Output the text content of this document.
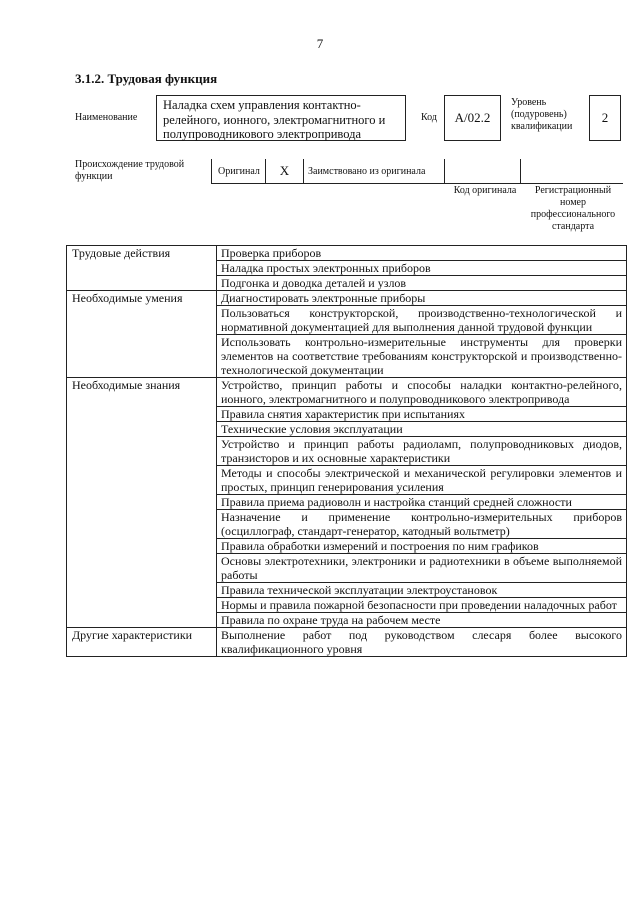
7
3.1.2. Трудовая функция
Наименование
Наладка схем управления контактно-релейного, ионного, электромагнитного и полупроводникового электропривода
Код	А/02.2
Уровень (подуровень) квалификации
2
Происхождение трудовой функции	Оригинал	X	Заимствовано из оригинала
Код оригинала	Регистрационный номер профессионального стандарта
Трудовые действия	Проверка приборов
	Наладка простых электронных приборов
	Подгонка и доводка деталей и узлов
Необходимые умения	Диагностировать электронные приборы
	Пользоваться конструкторской, производственно-технологической и нормативной документацией для выполнения данной трудовой функции
	Использовать контрольно-измерительные инструменты для проверки элементов на соответствие требованиям конструкторской и производственно-технологической документации
Необходимые знания	Устройство, принцип работы и способы наладки контактно-релейного, ионного, электромагнитного и полупроводникового электропривода
	Правила снятия характеристик при испытаниях
	Технические условия эксплуатации
	Устройство и принцип работы радиоламп, полупроводниковых диодов, транзисторов и их основные характеристики
	Методы и способы электрической и механической регулировки элементов и простых, принцип генерирования усиления
	Правила приема радиоволн и настройка станций средней сложности
	Назначение и применение контрольно-измерительных приборов (осциллограф, стандарт-генератор, катодный вольтметр)
	Правила обработки измерений и построения по ним графиков
	Основы электротехники, электроники и радиотехники в объеме выполняемой работы
	Правила технической эксплуатации электроустановок
	Нормы и правила пожарной безопасности при проведении наладочных работ
	Правила по охране труда на рабочем месте
Другие характеристики	Выполнение работ под руководством слесаря более высокого квалификационного уровня
